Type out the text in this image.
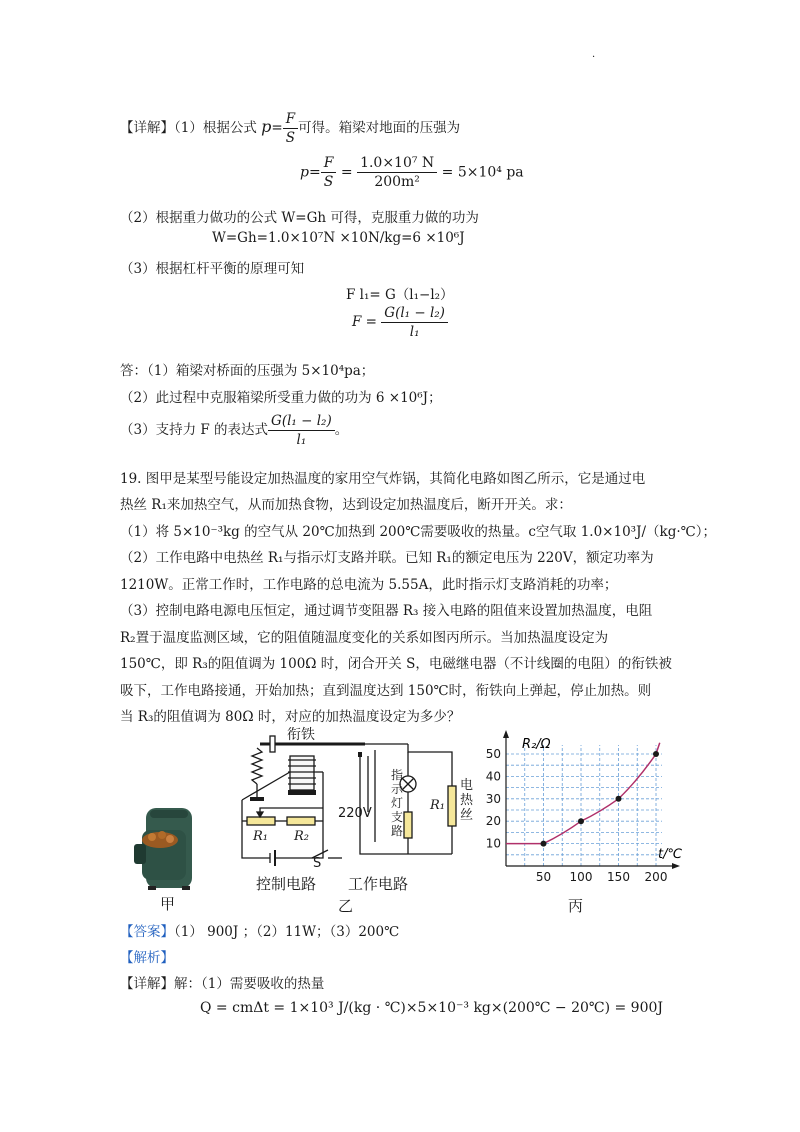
·
【详解】（1）根据公式 $p= \frac{F}{S}$ 可得。箱梁对地面的压强为
$p= \frac{F}{S} = \frac{\text{1.0×10⁷ N}}{\text{200m²}} = 5\times 10^4$ pa
（2）根据重力做功的公式 W=Gh 可得，克服重力做的功为
W=Gh=1.0×10⁷N ×10N/kg=6 ×10⁶J
（3）根据杠杆平衡的原理可知
F l₁= G（l₁−l₂）
$F = \frac{\text{G(l₁ − l₂)}}{\text{l₁}}$
答：（1）箱梁对桥面的压强为 5×10⁴pa；
（2）此过程中克服箱梁所受重力做的功为 6 ×10⁶J；
（3）支持力 F 的表达式 $\frac{\text{G(l₁ − l₂)}}{\text{l₁}}$ 。
19. 图甲是某型号能设定加热温度的家用空气炸锅，其简化电路如图乙所示，它是通过电
热丝 R₁来加热空气，从而加热食物，达到设定加热温度后，断开开关。求：
（1）将 5×10⁻³kg 的空气从 20℃加热到 200℃需要吸收的热量。c空气取 1.0×10³J/（kg·℃）；
（2）工作电路中电热丝 R₁与指示灯支路并联。已知 R₁的额定电压为 220V，额定功率为
1210W。正常工作时，工作电路的总电流为 5.55A，此时指示灯支路消耗的功率；
（3）控制电路电源电压恒定，通过调节变阻器 R₃ 接入电路的阻值来设置加热温度，电阻
R₂置于温度监测区域，它的阻值随温度变化的关系如图丙所示。当加热温度设定为
150℃，即 R₃的阻值调为 100Ω 时，闭合开关 S，电磁继电器（不计线圈的电阻）的衔铁被
吸下，工作电路接通，开始加热；直到温度达到 150℃时，衔铁向上弹起，停止加热。则
当 R₃的阻值调为 80Ω 时，对应的加热温度设定为多少？
甲
衔铁
220V
指示灯支路
R₁
电热丝
R₁ R₂
S
控制电路 工作电路
乙
50 100 150 200
10
20
30
40
50
R₂/Ω
t/℃
丙
【答案】（1） 900J ；（2）11W；（3）200℃
【解析】
【详解】解：（1）需要吸收的热量
Q = cmΔt = 1×10³ J/(kg · ℃)×5×10⁻³ kg×(200℃ − 20℃) = 900J
